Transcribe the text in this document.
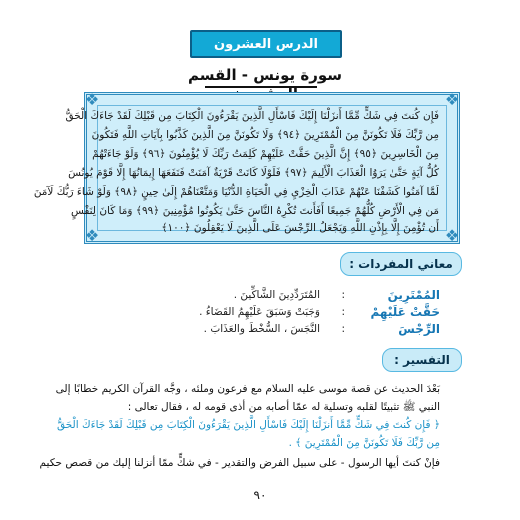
الدرس العشرون
سورة يونس - القسم
❖	❖
❖	❖
فَإِن كُنتَ فِي شَكٍّ مِّمَّا أَنزَلْنَا إِلَيْكَ فَاسْأَلِ الَّذِينَ يَقْرَءُونَ الْكِتَابَ مِن قَبْلِكَ لَقَدْ جَاءَكَ الْحَقُّ
مِن رَّبِّكَ فَلَا تَكُونَنَّ مِنَ الْمُمْتَرِينَ ﴿٩٤﴾ وَلَا تَكُونَنَّ مِنَ الَّذِينَ كَذَّبُوا بِآيَاتِ اللَّهِ فَتَكُونَ
مِنَ الْخَاسِرِينَ ﴿٩٥﴾ إِنَّ الَّذِينَ حَقَّتْ عَلَيْهِمْ كَلِمَتُ رَبِّكَ لَا يُؤْمِنُونَ ﴿٩٦﴾ وَلَوْ جَاءَتْهُمْ
كُلُّ آيَةٍ حَتَّىٰ يَرَوُا الْعَذَابَ الْأَلِيمَ ﴿٩٧﴾ فَلَوْلَا كَانَتْ قَرْيَةٌ آمَنَتْ فَنَفَعَهَا إِيمَانُهَا إِلَّا قَوْمَ يُونُسَ
لَمَّا آمَنُوا كَشَفْنَا عَنْهُمْ عَذَابَ الْخِزْيِ فِي الْحَيَاةِ الدُّنْيَا وَمَتَّعْنَاهُمْ إِلَىٰ حِينٍ ﴿٩٨﴾ وَلَوْ شَاءَ رَبُّكَ لَآمَنَ
مَن فِي الْأَرْضِ كُلُّهُمْ جَمِيعًا أَفَأَنتَ تُكْرِهُ النَّاسَ حَتَّىٰ يَكُونُوا مُؤْمِنِينَ ﴿٩٩﴾ وَمَا كَانَ لِنَفْسٍ
أَن تُؤْمِنَ إِلَّا بِإِذْنِ اللَّهِ وَيَجْعَلُ الرِّجْسَ عَلَى الَّذِينَ لَا يَعْقِلُونَ ﴿١٠٠﴾
معاني المفردات :
المُمْتَرِينَ
:
المُتَرَدِّدِينَ الشَّاكِّينَ .
حَقَّتْ عَلَيْهِمْ
:
وَجَبَتْ وَسَبَقَ عَلَيْهِمُ القَضَاءُ .
الرِّجْسَ
:
النَّجَسَ ، السُّخْطَ والعَذَابَ .
التفسير :
بَعْدَ الحديث عن قصة موسى عليه السلام مع فرعون وملئه ، وجَّه القرآن الكريم خطابًا إلى
النبي ﷺ تثبيتًا لقلبه وتسلية له عمّا أصابه من أذى قومه له ، فقال تعالى :
﴿ فَإِن كُنتَ فِي شَكٍّ مِّمَّا أَنزَلْنَا إِلَيْكَ فَاسْأَلِ الَّذِينَ يَقْرَءُونَ الْكِتَابَ مِن قَبْلِكَ لَقَدْ جَاءَكَ الْحَقُّ
مِن رَّبِّكَ فَلَا تَكُونَنَّ مِنَ الْمُمْتَرِينَ ﴾ .
فإنْ كنتَ أيها الرسول - على سبيل الفرض والتقدير - في شكٍّ ممّا أنزلنا إليك من قصص حكيم
٩٠
